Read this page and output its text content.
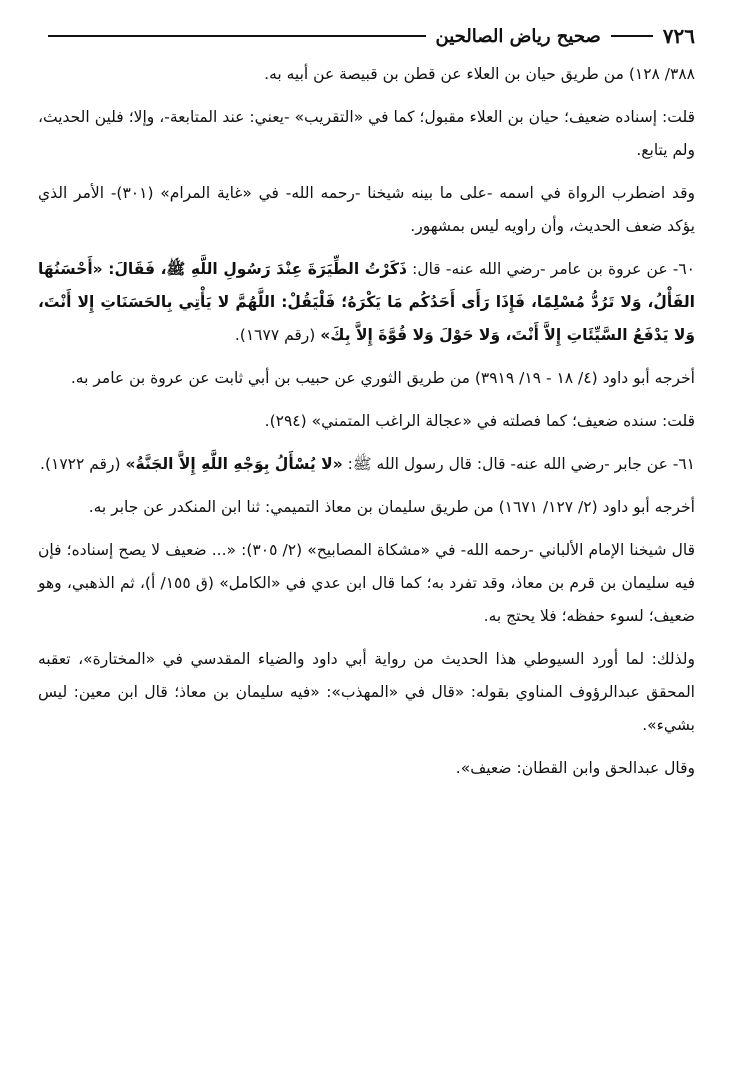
٧٢٦
صحيح رياض الصالحين

٣٨٨/ ١٢٨) من طريق حيان بن العلاء عن قطن بن قبيصة عن أبيه به.

قلت: إسناده ضعيف؛ حيان بن العلاء مقبول؛ كما في «التقريب» -يعني: عند المتابعة-، وإلا؛ فلين الحديث، ولم يتابع.

وقد اضطرب الرواة في اسمه -على ما بينه شيخنا -رحمه الله- في «غاية المرام» (٣٠١)- الأمر الذي يؤكد ضعف الحديث، وأن راويه ليس بمشهور.

٦٠- عن عروة بن عامر -رضي الله عنه- قال: ذَكَرْتُ الطِّيَرَةَ عِنْدَ رَسُولِ اللَّهِ ﷺ، فَقَالَ: «أَحْسَنُهَا الفَأْلُ، وَلا تَرُدُّ مُسْلِمًا، فَإِذَا رَأَى أَحَدُكُم مَا يَكْرَهُ؛ فَلْيَقُلْ: اللَّهُمَّ لا يَأْتِي بِالحَسَنَاتِ إِلا أَنْتَ، وَلا يَدْفَعُ السَّيِّئَاتِ إِلاَّ أَنْتَ، وَلا حَوْلَ وَلا قُوَّةَ إِلاَّ بِكَ» (رقم ١٦٧٧).

أخرجه أبو داود (٤/ ١٨ - ١٩/ ٣٩١٩) من طريق الثوري عن حبيب بن أبي ثابت عن عروة بن عامر به.

قلت: سنده ضعيف؛ كما فصلته في «عجالة الراغب المتمني» (٢٩٤).

٦١- عن جابر -رضي الله عنه- قال: قال رسول الله ﷺ: «لا يُسْأَلُ بِوَجْهِ اللَّهِ إِلاَّ الجَنَّةُ» (رقم ١٧٢٢).

أخرجه أبو داود (٢/ ١٢٧/ ١٦٧١) من طريق سليمان بن معاذ التميمي: ثنا ابن المنكدر عن جابر به.

قال شيخنا الإمام الألباني -رحمه الله- في «مشكاة المصابيح» (٢/ ٣٠٥): «... ضعيف لا يصح إسناده؛ فإن فيه سليمان بن قرم بن معاذ، وقد تفرد به؛ كما قال ابن عدي في «الكامل» (ق ١٥٥/ أ)، ثم الذهبي، وهو ضعيف؛ لسوء حفظه؛ فلا يحتج به.

ولذلك: لما أورد السيوطي هذا الحديث من رواية أبي داود والضياء المقدسي في «المختارة»، تعقبه المحقق عبدالرؤوف المناوي بقوله: «قال في «المهذب»: «فيه سليمان بن معاذ؛ قال ابن معين: ليس بشيء».

وقال عبدالحق وابن القطان: ضعيف».
